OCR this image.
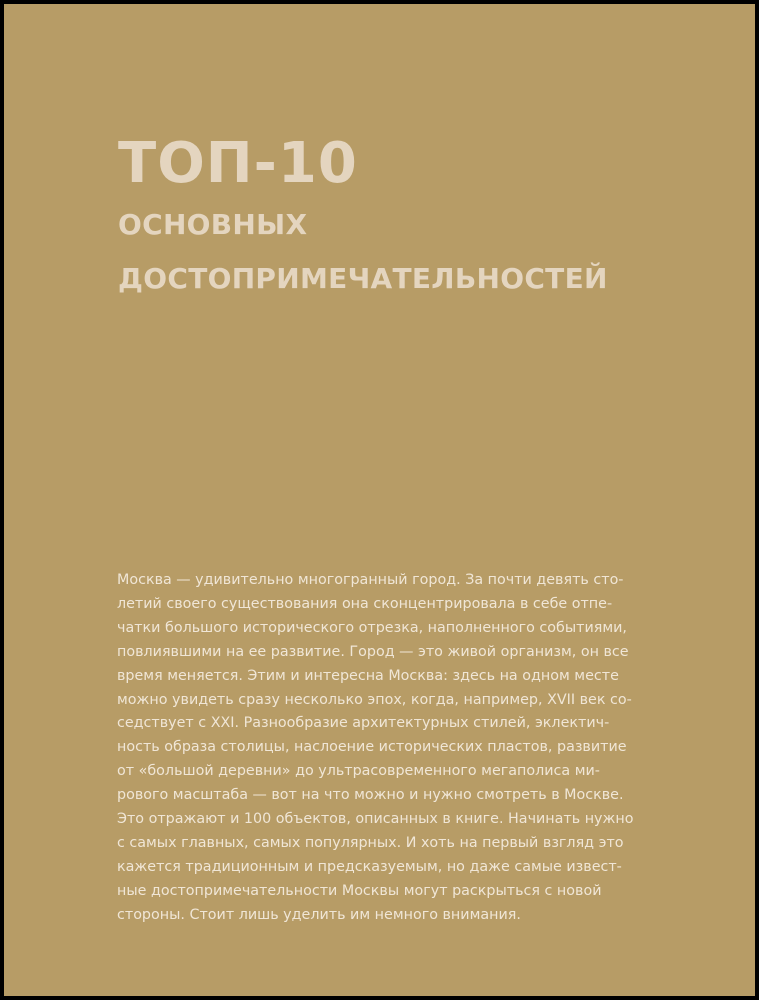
ТОП-10
ОСНОВНЫХ
ДОСТОПРИМЕЧАТЕЛЬНОСТЕЙ

Москва — удивительно многогранный город. За почти девять сто-
летий своего существования она сконцентрировала в себе отпе-
чатки большого исторического отрезка, наполненного событиями,
повлиявшими на ее развитие. Город — это живой организм, он все
время меняется. Этим и интересна Москва: здесь на одном месте
можно увидеть сразу несколько эпох, когда, например, XVII век со-
седствует с XXI. Разнообразие архитектурных стилей, эклектич-
ность образа столицы, наслоение исторических пластов, развитие
от «большой деревни» до ультрасовременного мегаполиса ми-
рового масштаба — вот на что можно и нужно смотреть в Москве.
Это отражают и 100 объектов, описанных в книге. Начинать нужно
с самых главных, самых популярных. И хоть на первый взгляд это
кажется традиционным и предсказуемым, но даже самые извест-
ные достопримечательности Москвы могут раскрыться с новой
стороны. Стоит лишь уделить им немного внимания.
